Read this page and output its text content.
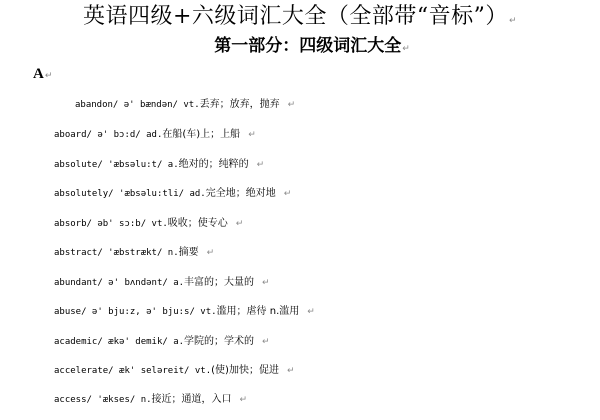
英语四级+六级词汇大全（全部带“音标”）↵
第一部分：四级词汇大全↵
A↵
abandon/ ə' bændən/ vt.丢弃；放弃，抛弃 ↵
aboard/ ə' bɔ:d/ ad.在船(车)上；上船 ↵
absolute/ 'æbsəlu:t/ a.绝对的；纯粹的 ↵
absolutely/ 'æbsəlu:tli/ ad.完全地；绝对地 ↵
absorb/ əb' sɔ:b/ vt.吸收；使专心 ↵
abstract/ 'æbstrækt/ n.摘要 ↵
abundant/ ə' bʌndənt/ a.丰富的；大量的 ↵
abuse/ ə' bju:z, ə' bju:s/ vt.滥用；虐待 n.滥用 ↵
academic/ ækə' demik/ a.学院的；学术的 ↵
accelerate/ æk' seləreit/ vt.(使)加快；促进 ↵
access/ 'ækses/ n.接近；通道，入口 ↵
